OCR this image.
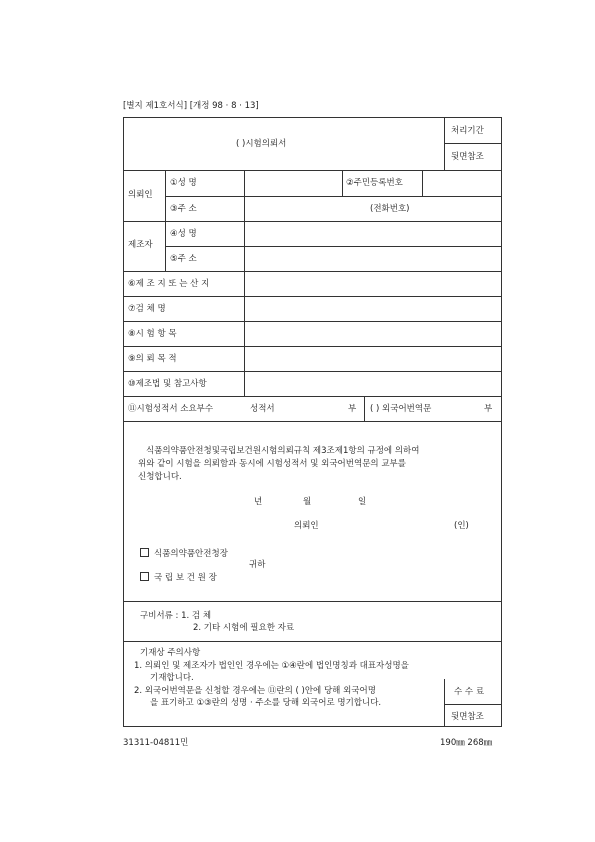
[별지 제1호서식] [개정 98 · 8 · 13]
( )시험의뢰서
처리기간
뒷면참조
의뢰인
①성 명	②주민등록번호
③주 소	(전화번호)
제조자
④성 명
⑤주 소
⑥제 조 지 또 는 산 지
⑦검 체 명
⑧시 험 항 목
⑨의 뢰 목 적
⑩제조법 및 참고사항
⑪시험성적서 소요부수	성적서	부 ( ) 외국어번역문	부
식품의약품안전청및국립보건원시험의뢰규칙 제3조제1항의 규정에 의하여
위와 같이 시험을 의뢰함과 동시에 시험성적서 및 외국어번역문의 교부를
신청합니다.
년	월	일
의뢰인	(인)
식품의약품안전청장
귀하
국 립 보 건 원 장
구비서류 : 1. 검 체
2. 기타 시험에 필요한 자료
기재상 주의사항
1. 의뢰인 및 제조자가 법인인 경우에는 ①④란에 법인명칭과 대표자성명을
기재합니다.
2. 외국어번역문을 신청할 경우에는 ⑪란의 ( )안에 당해 외국어명
을 표기하고 ①③란의 성명 · 주소를 당해 외국어로 명기합니다.
수 수 료
뒷면참조
31311-04811민	190㎜ 268㎜
